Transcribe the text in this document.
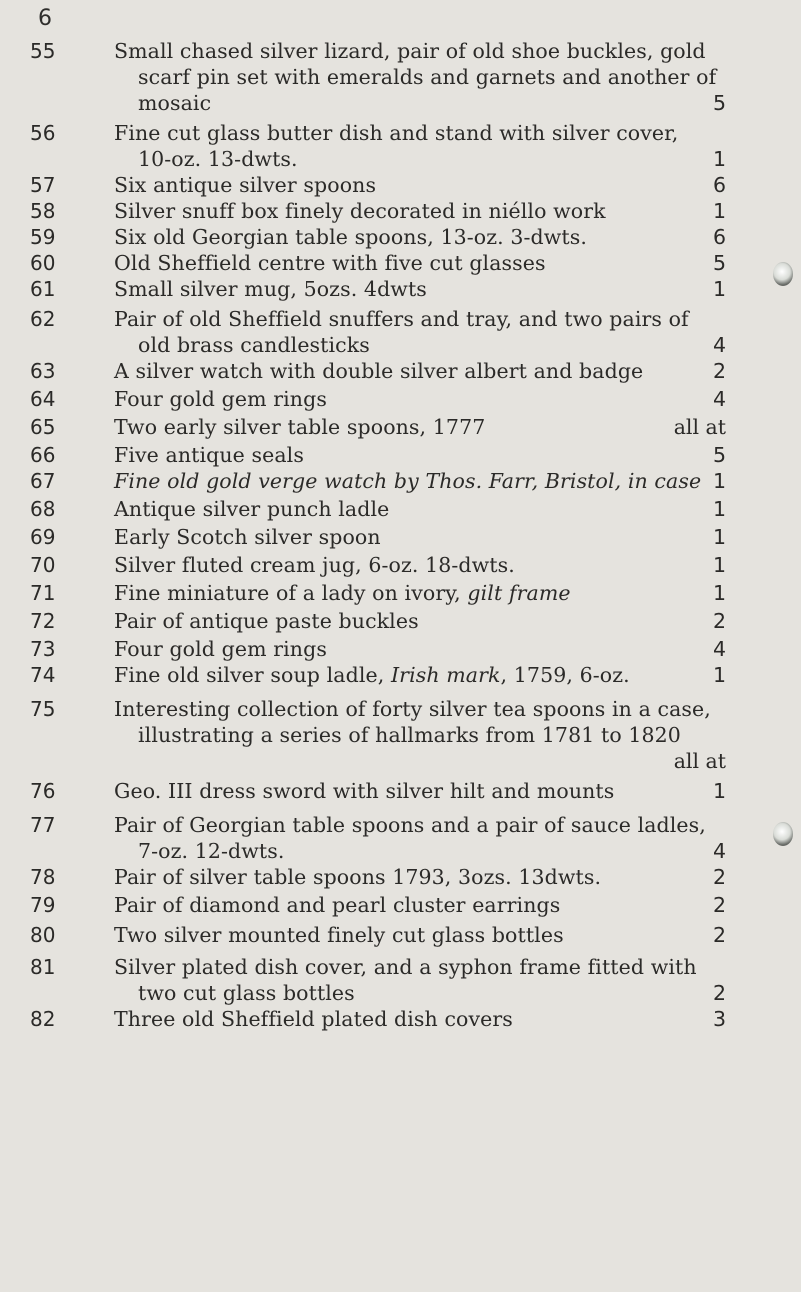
6
55	Small chased silver lizard, pair of old shoe buckles, gold
scarf pin set with emeralds and garnets and another of
mosaic	5
56	Fine cut glass butter dish and stand with silver cover,
10-oz. 13-dwts.	1
57	Six antique silver spoons	6
58	Silver snuff box finely decorated in niéllo work	1
59	Six old Georgian table spoons, 13-oz. 3-dwts.	6
60	Old Sheffield centre with five cut glasses	5
61	Small silver mug, 5ozs. 4dwts	1
62	Pair of old Sheffield snuffers and tray, and two pairs of
old brass candlesticks	4
63	A silver watch with double silver albert and badge	2
64	Four gold gem rings	4
65	Two early silver table spoons, 1777	all at
66	Five antique seals	5
67	Fine old gold verge watch by Thos. Farr, Bristol, in case 1
68	Antique silver punch ladle	1
69	Early Scotch silver spoon	1
70	Silver fluted cream jug, 6-oz. 18-dwts.	1
71	Fine miniature of a lady on ivory, gilt frame	1
72	Pair of antique paste buckles	2
73	Four gold gem rings	4
74	Fine old silver soup ladle, Irish mark, 1759, 6-oz.	1
75	Interesting collection of forty silver tea spoons in a case,
illustrating a series of hallmarks from 1781 to 1820
all at
76	Geo. III dress sword with silver hilt and mounts	1
77	Pair of Georgian table spoons and a pair of sauce ladles,
7-oz. 12-dwts.	4
78	Pair of silver table spoons 1793, 3ozs. 13dwts.	2
79	Pair of diamond and pearl cluster earrings	2
80	Two silver mounted finely cut glass bottles	2
81	Silver plated dish cover, and a syphon frame fitted with
two cut glass bottles	2
82	Three old Sheffield plated dish covers	3
